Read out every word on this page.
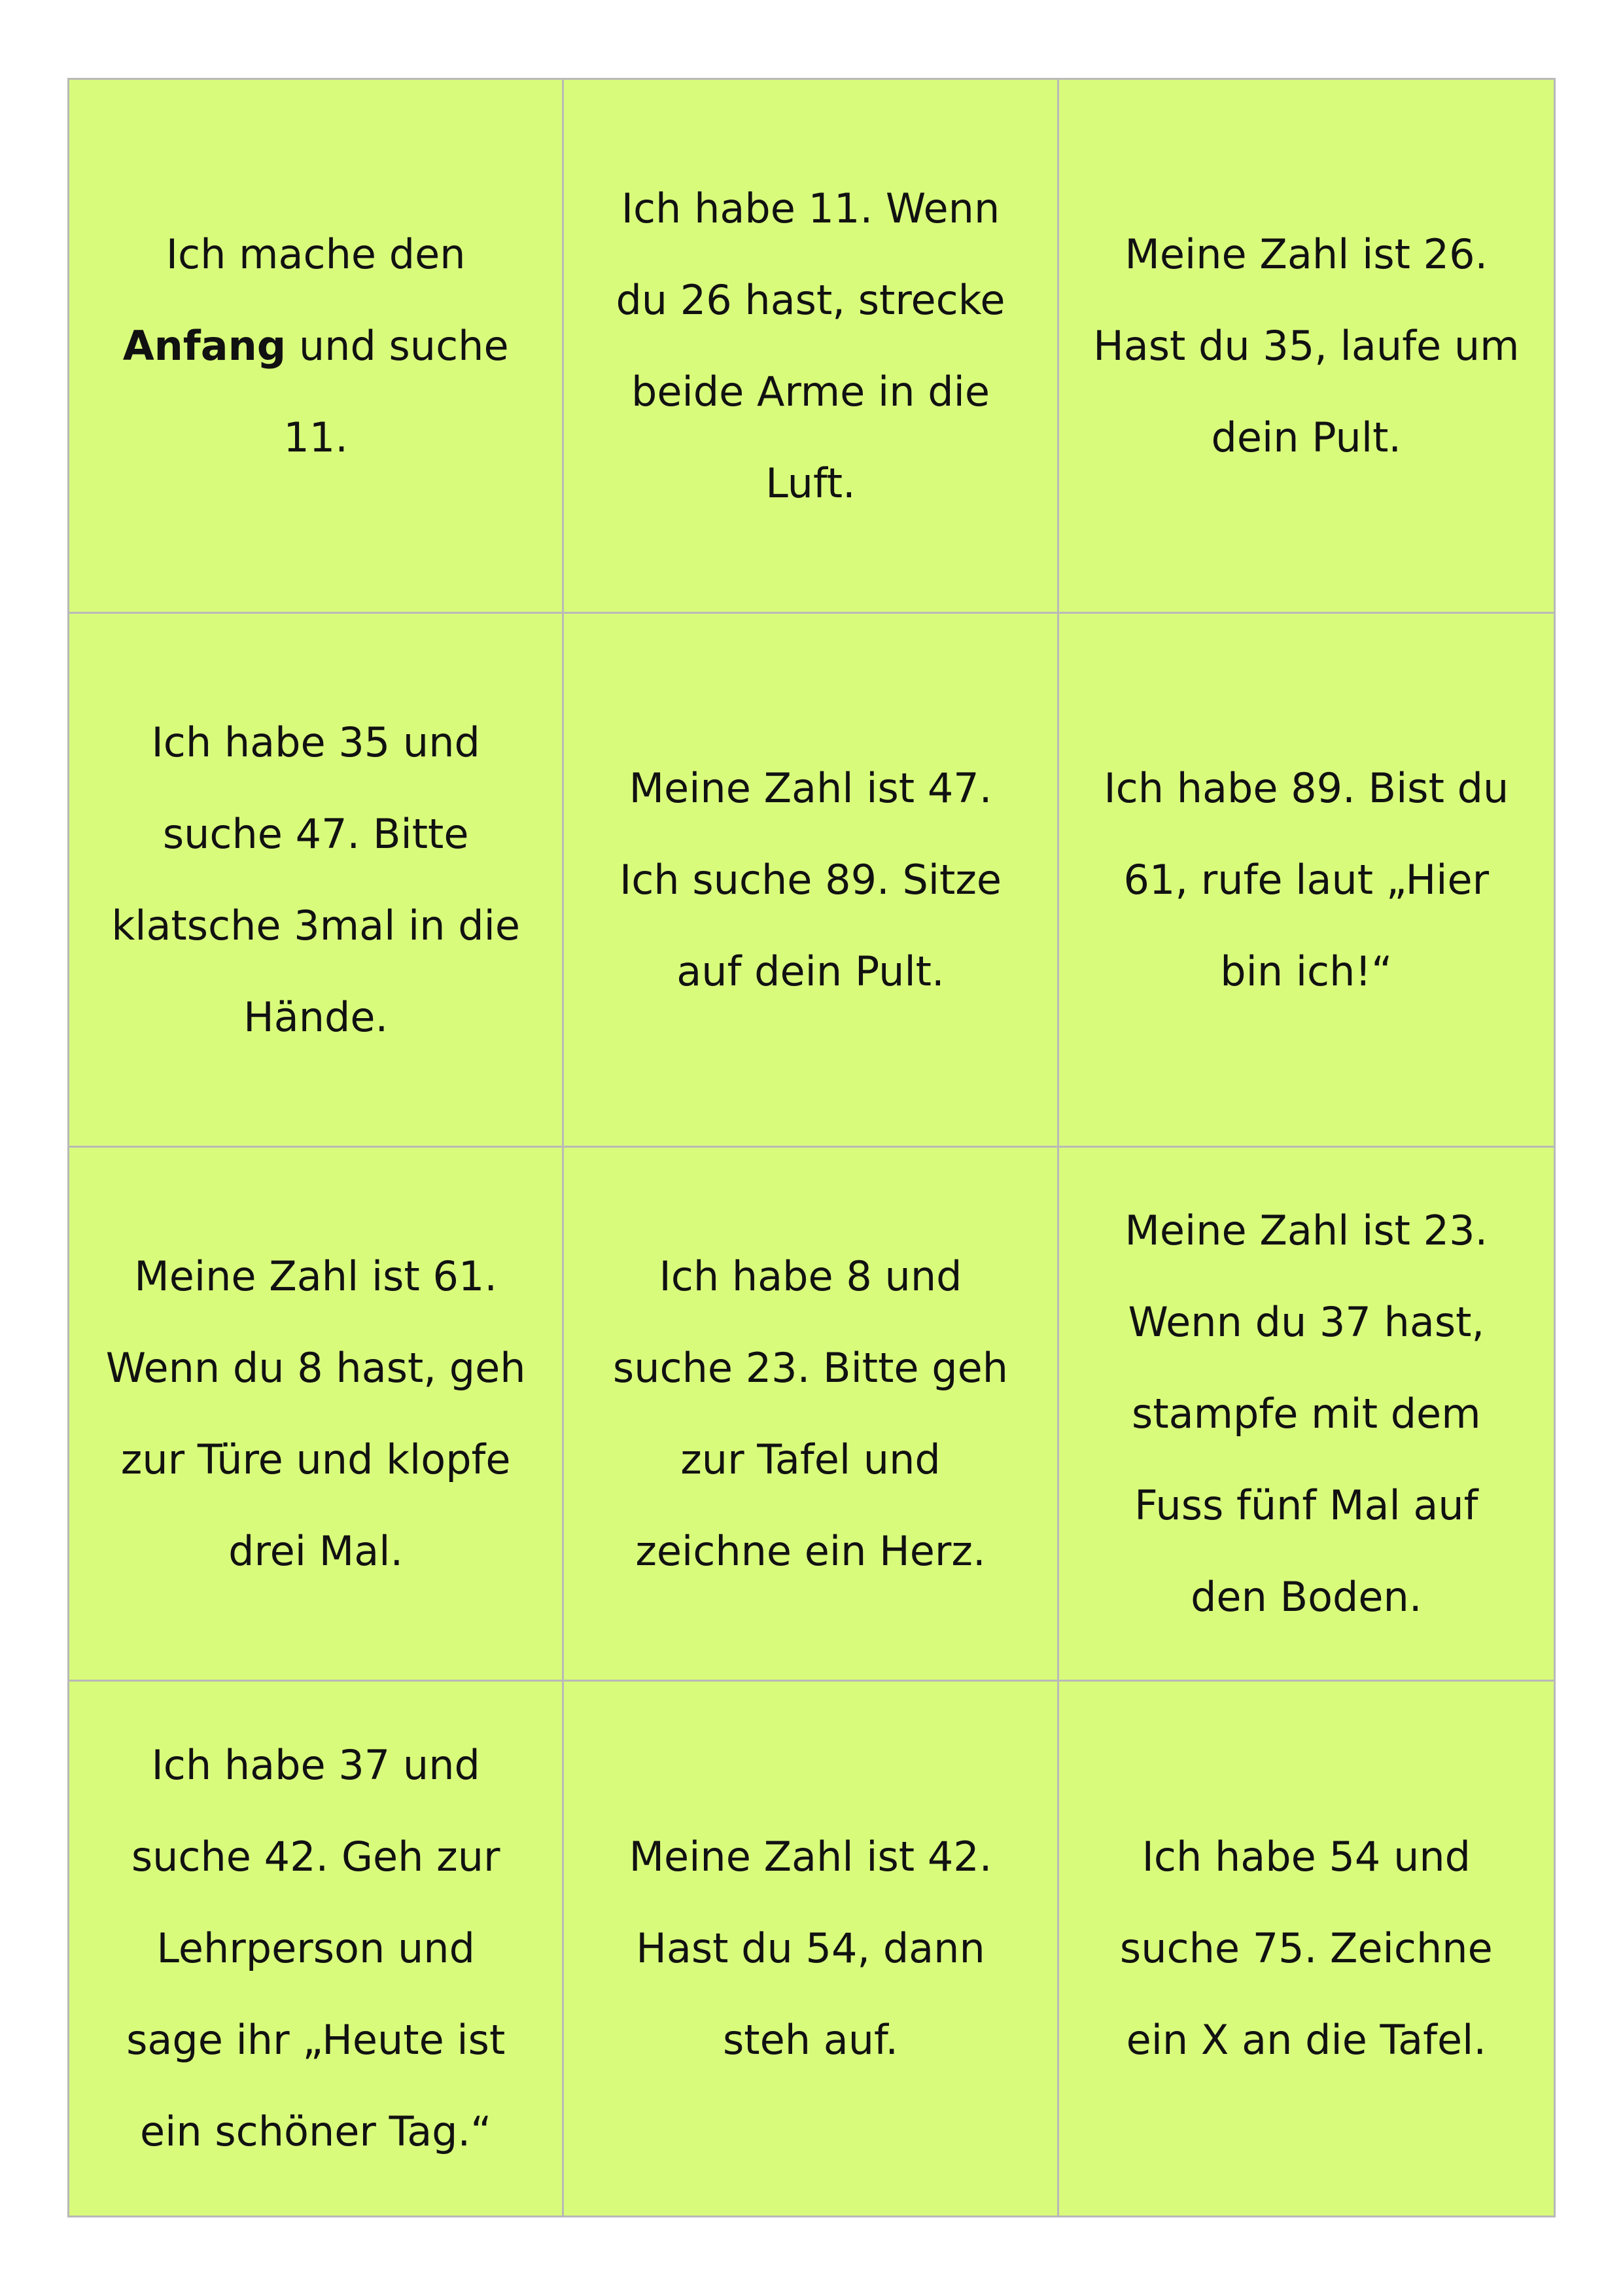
Ich mache den Anfang und suche 11.

Ich habe 11. Wenn du 26 hast, strecke beide Arme in die Luft.

Meine Zahl ist 26. Hast du 35, laufe um dein Pult.

Ich habe 35 und suche 47. Bitte klatsche 3mal in die Hände.

Meine Zahl ist 47. Ich suche 89. Sitze auf dein Pult.

Ich habe 89. Bist du 61, rufe laut „Hier bin ich!“

Meine Zahl ist 61. Wenn du 8 hast, geh zur Türe und klopfe drei Mal.

Ich habe 8 und suche 23. Bitte geh zur Tafel und zeichne ein Herz.

Meine Zahl ist 23. Wenn du 37 hast, stampfe mit dem Fuss fünf Mal auf den Boden.

Ich habe 37 und suche 42. Geh zur Lehrperson und sage ihr „Heute ist ein schöner Tag.“

Meine Zahl ist 42. Hast du 54, dann steh auf.

Ich habe 54 und suche 75. Zeichne ein X an die Tafel.
